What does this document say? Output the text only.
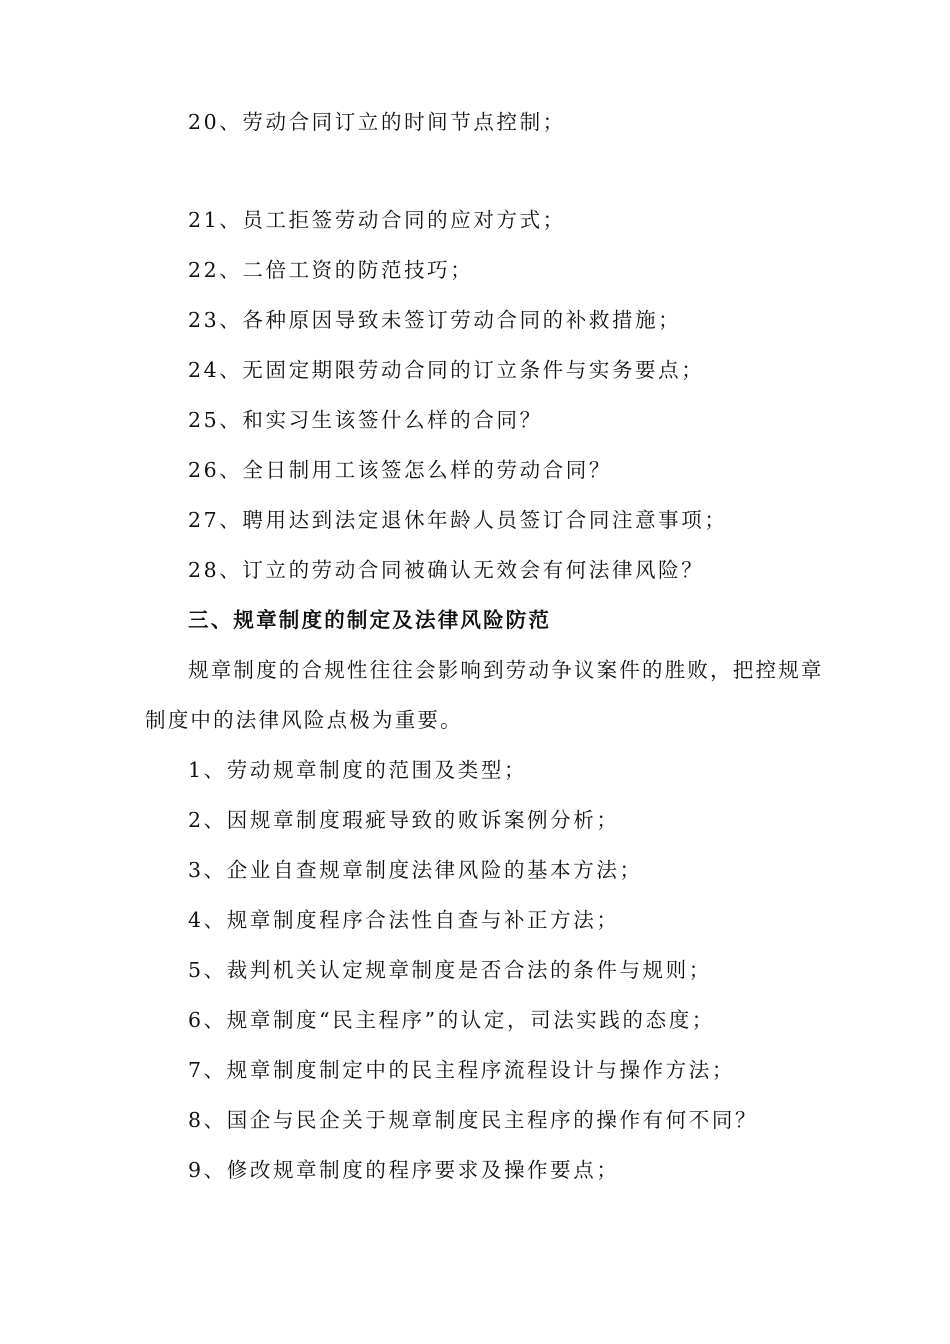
20、劳动合同订立的时间节点控制；
21、员工拒签劳动合同的应对方式；
22、二倍工资的防范技巧；
23、各种原因导致未签订劳动合同的补救措施；
24、无固定期限劳动合同的订立条件与实务要点；
25、和实习生该签什么样的合同？
26、全日制用工该签怎么样的劳动合同？
27、聘用达到法定退休年龄人员签订合同注意事项；
28、订立的劳动合同被确认无效会有何法律风险？
三、规章制度的制定及法律风险防范
规章制度的合规性往往会影响到劳动争议案件的胜败，把控规章
制度中的法律风险点极为重要。
1、劳动规章制度的范围及类型；
2、因规章制度瑕疵导致的败诉案例分析；
3、企业自查规章制度法律风险的基本方法；
4、规章制度程序合法性自查与补正方法；
5、裁判机关认定规章制度是否合法的条件与规则；
6、规章制度“民主程序”的认定，司法实践的态度；
7、规章制度制定中的民主程序流程设计与操作方法；
8、国企与民企关于规章制度民主程序的操作有何不同？
9、修改规章制度的程序要求及操作要点；
